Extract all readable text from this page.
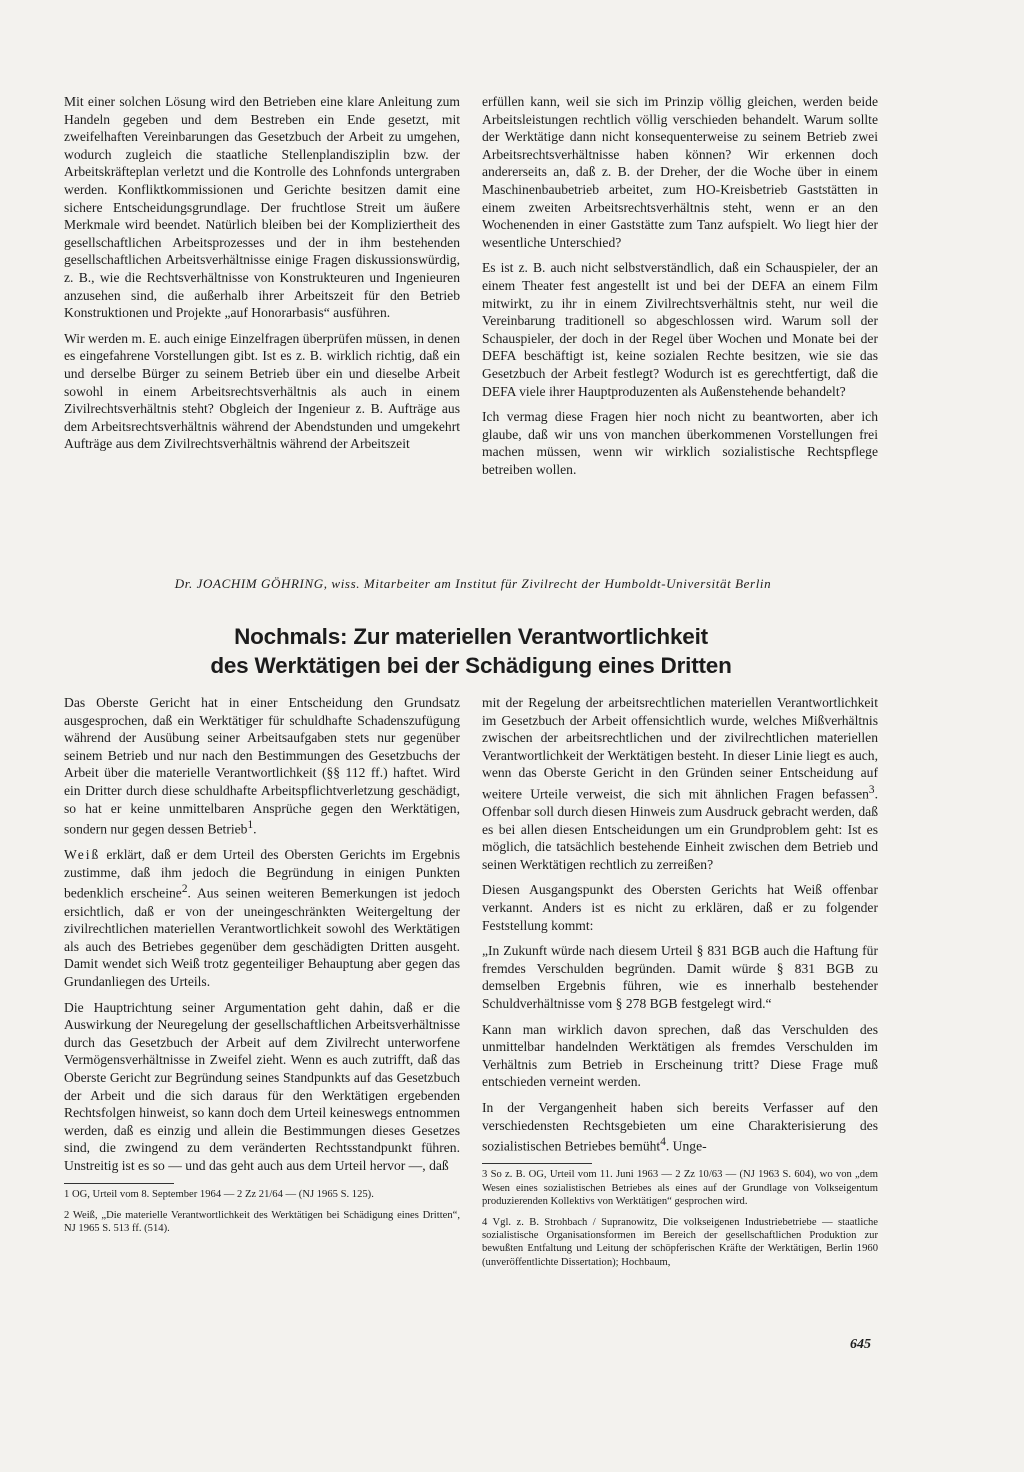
Mit einer solchen Lösung wird den Betrieben eine klare Anleitung zum Handeln gegeben und dem Bestreben ein Ende gesetzt, mit zweifelhaften Vereinbarungen das Gesetzbuch der Arbeit zu umgehen, wodurch zugleich die staatliche Stellenplandisziplin bzw. der Arbeitskräfteplan verletzt und die Kontrolle des Lohnfonds untergraben werden. Konfliktkommissionen und Gerichte besitzen damit eine sichere Entscheidungsgrundlage. Der fruchtlose Streit um äußere Merkmale wird beendet. Natürlich bleiben bei der Kompliziertheit des gesellschaftlichen Arbeitsprozesses und der in ihm bestehenden gesellschaftlichen Arbeitsverhältnisse einige Fragen diskussionswürdig, z. B., wie die Rechtsverhältnisse von Konstrukteuren und Ingenieuren anzusehen sind, die außerhalb ihrer Arbeitszeit für den Betrieb Konstruktionen und Projekte „auf Honorarbasis“ ausführen.

Wir werden m. E. auch einige Einzelfragen überprüfen müssen, in denen es eingefahrene Vorstellungen gibt. Ist es z. B. wirklich richtig, daß ein und derselbe Bürger zu seinem Betrieb über ein und dieselbe Arbeit sowohl in einem Arbeitsrechtsverhältnis als auch in einem Zivilrechtsverhältnis steht? Obgleich der Ingenieur z. B. Aufträge aus dem Arbeitsrechtsverhältnis während der Abendstunden und umgekehrt Aufträge aus dem Zivilrechtsverhältnis während der Arbeitszeit

erfüllen kann, weil sie sich im Prinzip völlig gleichen, werden beide Arbeitsleistungen rechtlich völlig verschieden behandelt. Warum sollte der Werktätige dann nicht konsequenterweise zu seinem Betrieb zwei Arbeitsrechtsverhältnisse haben können? Wir erkennen doch andererseits an, daß z. B. der Dreher, der die Woche über in einem Maschinenbaubetrieb arbeitet, zum HO-Kreisbetrieb Gaststätten in einem zweiten Arbeitsrechtsverhältnis steht, wenn er an den Wochenenden in einer Gaststätte zum Tanz aufspielt. Wo liegt hier der wesentliche Unterschied?

Es ist z. B. auch nicht selbstverständlich, daß ein Schauspieler, der an einem Theater fest angestellt ist und bei der DEFA an einem Film mitwirkt, zu ihr in einem Zivilrechtsverhältnis steht, nur weil die Vereinbarung traditionell so abgeschlossen wird. Warum soll der Schauspieler, der doch in der Regel über Wochen und Monate bei der DEFA beschäftigt ist, keine sozialen Rechte besitzen, wie sie das Gesetzbuch der Arbeit festlegt? Wodurch ist es gerechtfertigt, daß die DEFA viele ihrer Hauptproduzenten als Außenstehende behandelt?

Ich vermag diese Fragen hier noch nicht zu beantworten, aber ich glaube, daß wir uns von manchen überkommenen Vorstellungen frei machen müssen, wenn wir wirklich sozialistische Rechtspflege betreiben wollen.

Dr. JOACHIM GÖHRING, wiss. Mitarbeiter am Institut für Zivilrecht der Humboldt-Universität Berlin
Nochmals: Zur materiellen Verantwortlichkeit
des Werktätigen bei der Schädigung eines Dritten

Das Oberste Gericht hat in einer Entscheidung den Grundsatz ausgesprochen, daß ein Werktätiger für schuldhafte Schadenszufügung während der Ausübung seiner Arbeitsaufgaben stets nur gegenüber seinem Betrieb und nur nach den Bestimmungen des Gesetzbuchs der Arbeit über die materielle Verantwortlichkeit (§§ 112 ff.) haftet. Wird ein Dritter durch diese schuldhafte Arbeitspflichtverletzung geschädigt, so hat er keine unmittelbaren Ansprüche gegen den Werktätigen, sondern nur gegen dessen Betrieb$^1$.

Weiß erklärt, daß er dem Urteil des Obersten Gerichts im Ergebnis zustimme, daß ihm jedoch die Begründung in einigen Punkten bedenklich erscheine$^2$. Aus seinen weiteren Bemerkungen ist jedoch ersichtlich, daß er von der uneingeschränkten Weitergeltung der zivilrechtlichen materiellen Verantwortlichkeit sowohl des Werktätigen als auch des Betriebes gegenüber dem geschädigten Dritten ausgeht. Damit wendet sich Weiß trotz gegenteiliger Behauptung aber gegen das Grundanliegen des Urteils.

Die Hauptrichtung seiner Argumentation geht dahin, daß er die Auswirkung der Neuregelung der gesellschaftlichen Arbeitsverhältnisse durch das Gesetzbuch der Arbeit auf dem Zivilrecht unterworfene Vermögensverhältnisse in Zweifel zieht. Wenn es auch zutrifft, daß das Oberste Gericht zur Begründung seines Standpunkts auf das Gesetzbuch der Arbeit und die sich daraus für den Werktätigen ergebenden Rechtsfolgen hinweist, so kann doch dem Urteil keineswegs entnommen werden, daß es einzig und allein die Bestimmungen dieses Gesetzes sind, die zwingend zu dem veränderten Rechtsstandpunkt führen. Unstreitig ist es so — und das geht auch aus dem Urteil hervor —, daß

1 OG, Urteil vom 8. September 1964 — 2 Zz 21/64 — (NJ 1965 S. 125).

2 Weiß, „Die materielle Verantwortlichkeit des Werktätigen bei Schädigung eines Dritten“, NJ 1965 S. 513 ff. (514).

mit der Regelung der arbeitsrechtlichen materiellen Verantwortlichkeit im Gesetzbuch der Arbeit offensichtlich wurde, welches Mißverhältnis zwischen der arbeitsrechtlichen und der zivilrechtlichen materiellen Verantwortlichkeit der Werktätigen besteht. In dieser Linie liegt es auch, wenn das Oberste Gericht in den Gründen seiner Entscheidung auf weitere Urteile verweist, die sich mit ähnlichen Fragen befassen$^3$. Offenbar soll durch diesen Hinweis zum Ausdruck gebracht werden, daß es bei allen diesen Entscheidungen um ein Grundproblem geht: Ist es möglich, die tatsächlich bestehende Einheit zwischen dem Betrieb und seinen Werktätigen rechtlich zu zerreißen?

Diesen Ausgangspunkt des Obersten Gerichts hat Weiß offenbar verkannt. Anders ist es nicht zu erklären, daß er zu folgender Feststellung kommt:

„In Zukunft würde nach diesem Urteil § 831 BGB auch die Haftung für fremdes Verschulden begründen. Damit würde § 831 BGB zu demselben Ergebnis führen, wie es innerhalb bestehender Schuldverhältnisse vom § 278 BGB festgelegt wird.“

Kann man wirklich davon sprechen, daß das Verschulden des unmittelbar handelnden Werktätigen als fremdes Verschulden im Verhältnis zum Betrieb in Erscheinung tritt? Diese Frage muß entschieden verneint werden.

In der Vergangenheit haben sich bereits Verfasser auf den verschiedensten Rechtsgebieten um eine Charakterisierung des sozialistischen Betriebes bemüht$^4$. Unge-

3 So z. B. OG, Urteil vom 11. Juni 1963 — 2 Zz 10/63 — (NJ 1963 S. 604), wo von „dem Wesen eines sozialistischen Betriebes als eines auf der Grundlage von Volkseigentum produzierenden Kollektivs von Werktätigen“ gesprochen wird.

4 Vgl. z. B. Strohbach / Supranowitz, Die volkseigenen Industriebetriebe — staatliche sozialistische Organisationsformen im Bereich der gesellschaftlichen Produktion zur bewußten Entfaltung und Leitung der schöpferischen Kräfte der Werktätigen, Berlin 1960 (unveröffentlichte Dissertation); Hochbaum,

645
